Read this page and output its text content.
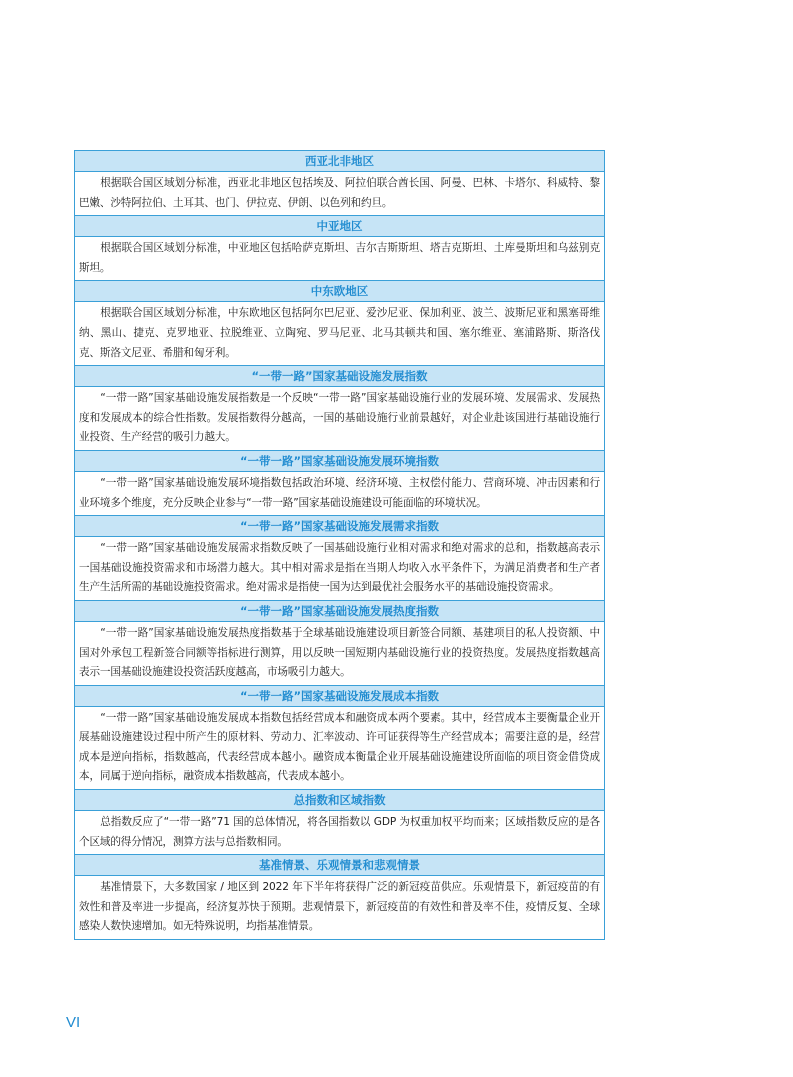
西亚北非地区
根据联合国区域划分标准，西亚北非地区包括埃及、阿拉伯联合酋长国、阿曼、巴林、卡塔尔、科威特、黎巴嫩、沙特阿拉伯、土耳其、也门、伊拉克、伊朗、以色列和约旦。
中亚地区
根据联合国区域划分标准，中亚地区包括哈萨克斯坦、吉尔吉斯斯坦、塔吉克斯坦、土库曼斯坦和乌兹别克斯坦。
中东欧地区
根据联合国区域划分标准，中东欧地区包括阿尔巴尼亚、爱沙尼亚、保加利亚、波兰、波斯尼亚和黑塞哥维纳、黑山、捷克、克罗地亚、拉脱维亚、立陶宛、罗马尼亚、北马其顿共和国、塞尔维亚、塞浦路斯、斯洛伐克、斯洛文尼亚、希腊和匈牙利。
“一带一路”国家基础设施发展指数
“一带一路”国家基础设施发展指数是一个反映“一带一路”国家基础设施行业的发展环境、发展需求、发展热度和发展成本的综合性指数。发展指数得分越高，一国的基础设施行业前景越好，对企业赴该国进行基础设施行业投资、生产经营的吸引力越大。
“一带一路”国家基础设施发展环境指数
“一带一路”国家基础设施发展环境指数包括政治环境、经济环境、主权偿付能力、营商环境、冲击因素和行业环境多个维度，充分反映企业参与“一带一路”国家基础设施建设可能面临的环境状况。
“一带一路”国家基础设施发展需求指数
“一带一路”国家基础设施发展需求指数反映了一国基础设施行业相对需求和绝对需求的总和，指数越高表示一国基础设施投资需求和市场潜力越大。其中相对需求是指在当期人均收入水平条件下，为满足消费者和生产者生产生活所需的基础设施投资需求。绝对需求是指使一国为达到最优社会服务水平的基础设施投资需求。
“一带一路”国家基础设施发展热度指数
“一带一路”国家基础设施发展热度指数基于全球基础设施建设项目新签合同额、基建项目的私人投资额、中国对外承包工程新签合同额等指标进行测算，用以反映一国短期内基础设施行业的投资热度。发展热度指数越高表示一国基础设施建设投资活跃度越高，市场吸引力越大。
“一带一路”国家基础设施发展成本指数
“一带一路”国家基础设施发展成本指数包括经营成本和融资成本两个要素。其中，经营成本主要衡量企业开展基础设施建设过程中所产生的原材料、劳动力、汇率波动、许可证获得等生产经营成本；需要注意的是，经营成本是逆向指标，指数越高，代表经营成本越小。融资成本衡量企业开展基础设施建设所面临的项目资金借贷成本，同属于逆向指标，融资成本指数越高，代表成本越小。
总指数和区域指数
总指数反应了“一带一路”71 国的总体情况，将各国指数以 GDP 为权重加权平均而来；区域指数反应的是各个区域的得分情况，测算方法与总指数相同。
基准情景、乐观情景和悲观情景
基准情景下，大多数国家 / 地区到 2022 年下半年将获得广泛的新冠疫苗供应。乐观情景下，新冠疫苗的有效性和普及率进一步提高，经济复苏快于预期。悲观情景下，新冠疫苗的有效性和普及率不佳，疫情反复、全球感染人数快速增加。如无特殊说明，均指基准情景。
VI
